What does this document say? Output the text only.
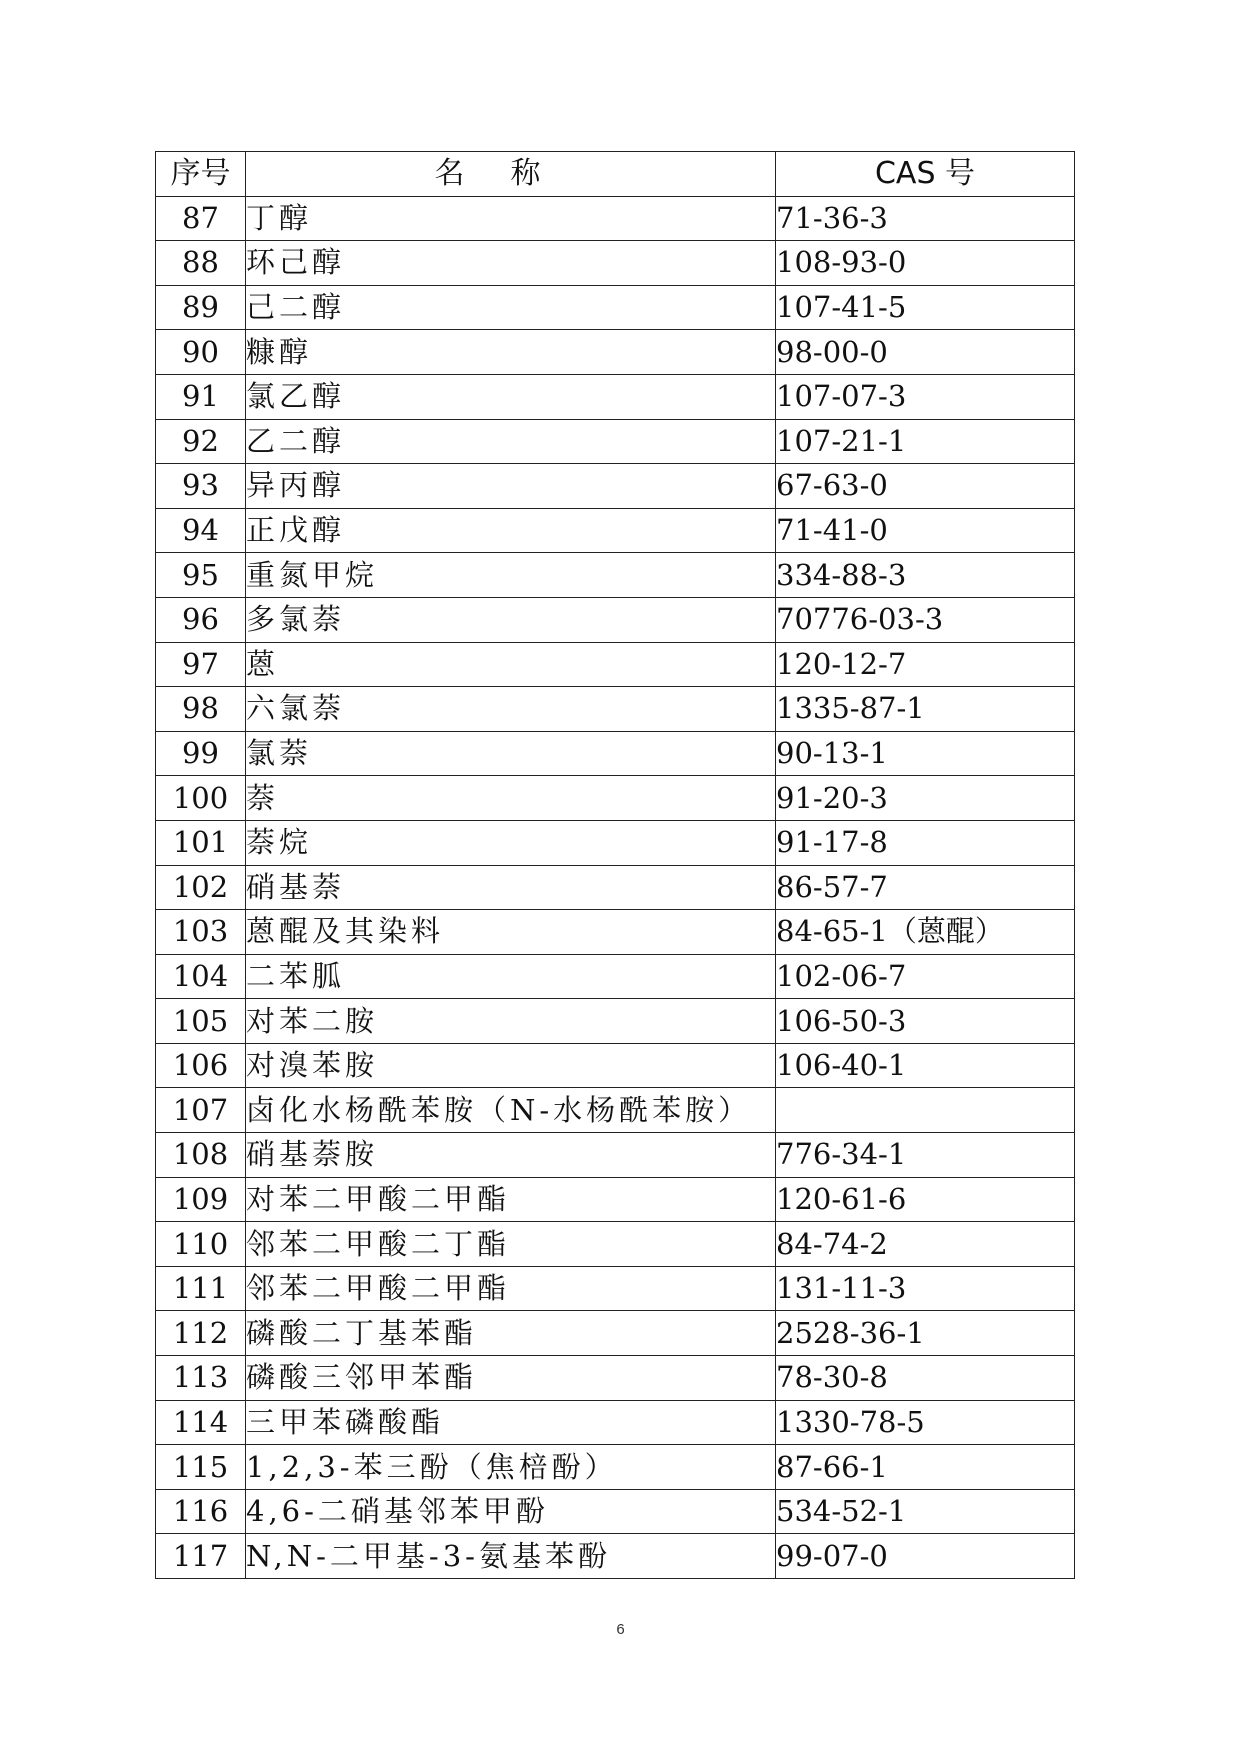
序号	名称	CAS 号
87	丁醇	71-36-3
88	环己醇	108-93-0
89	己二醇	107-41-5
90	糠醇	98-00-0
91	氯乙醇	107-07-3
92	乙二醇	107-21-1
93	异丙醇	67-63-0
94	正戊醇	71-41-0
95	重氮甲烷	334-88-3
96	多氯萘	70776-03-3
97	蒽	120-12-7
98	六氯萘	1335-87-1
99	氯萘	90-13-1
100	萘	91-20-3
101	萘烷	91-17-8
102	硝基萘	86-57-7
103	蒽醌及其染料	84-65-1（蒽醌）
104	二苯胍	102-06-7
105	对苯二胺	106-50-3
106	对溴苯胺	106-40-1
107	卤化水杨酰苯胺（N-水杨酰苯胺）	
108	硝基萘胺	776-34-1
109	对苯二甲酸二甲酯	120-61-6
110	邻苯二甲酸二丁酯	84-74-2
111	邻苯二甲酸二甲酯	131-11-3
112	磷酸二丁基苯酯	2528-36-1
113	磷酸三邻甲苯酯	78-30-8
114	三甲苯磷酸酯	1330-78-5
115	1,2,3-苯三酚（焦棓酚）	87-66-1
116	4,6-二硝基邻苯甲酚	534-52-1
117	N,N-二甲基-3-氨基苯酚	99-07-0
6
